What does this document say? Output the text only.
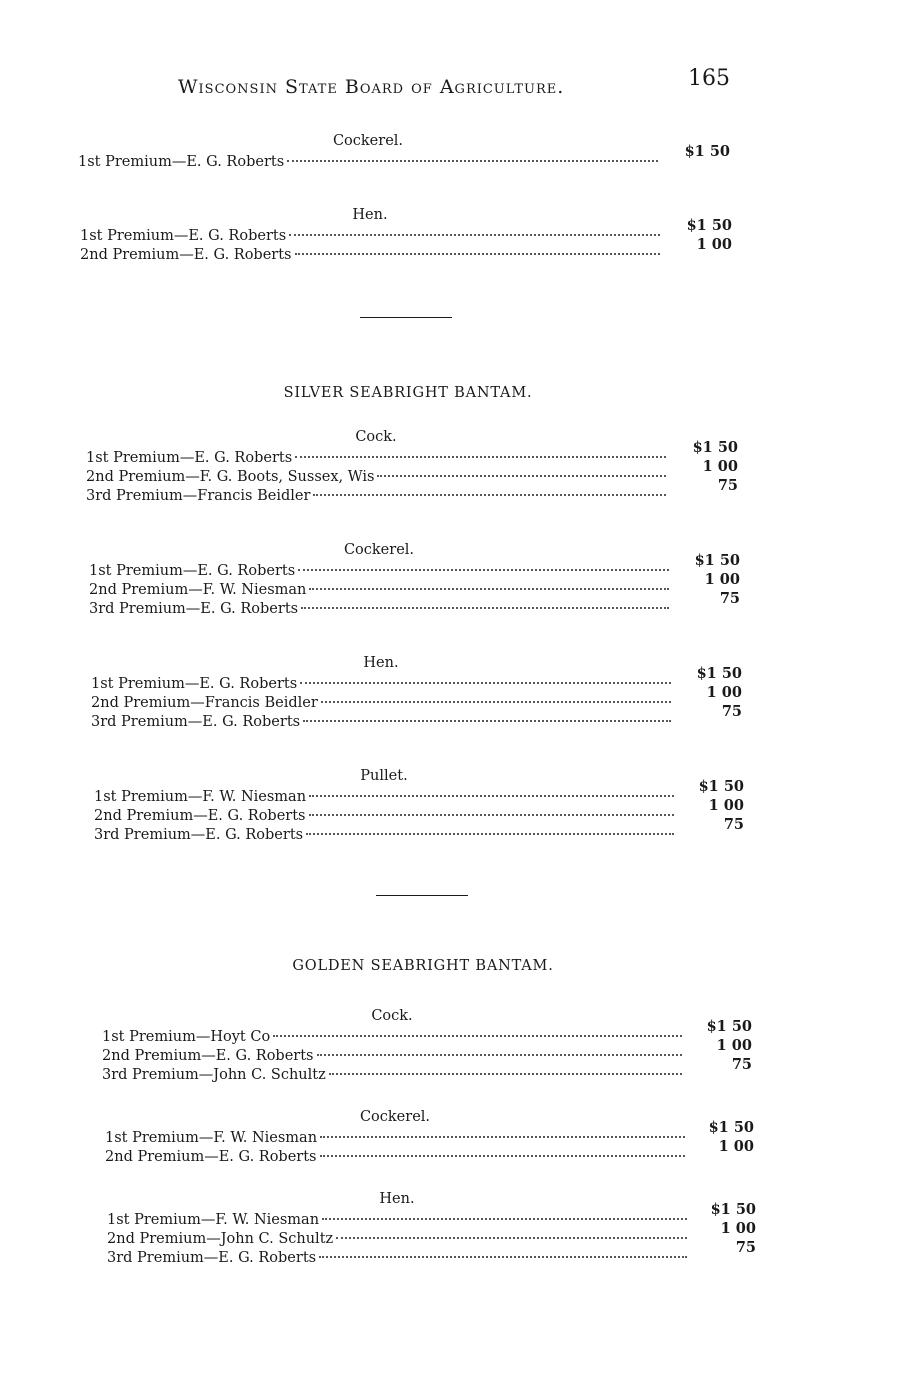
Wisconsin State Board of Agriculture.	165
SILVER SEABRIGHT BANTAM.
GOLDEN SEABRIGHT BANTAM.
Cockerel.
1st Premium—E. G. Roberts
$1 50
Hen.
1st Premium—E. G. Roberts
$1 50
2nd Premium—E. G. Roberts
1 00
Cock.
1st Premium—E. G. Roberts
$1 50
2nd Premium—F. G. Boots, Sussex, Wis
1 00
3rd Premium—Francis Beidler
75
Cockerel.
1st Premium—E. G. Roberts
$1 50
2nd Premium—F. W. Niesman
1 00
3rd Premium—E. G. Roberts
75
Hen.
1st Premium—E. G. Roberts
$1 50
2nd Premium—Francis Beidler
1 00
3rd Premium—E. G. Roberts
75
Pullet.
1st Premium—F. W. Niesman
$1 50
2nd Premium—E. G. Roberts
1 00
3rd Premium—E. G. Roberts
75
Cock.
1st Premium—Hoyt Co
$1 50
2nd Premium—E. G. Roberts
1 00
3rd Premium—John C. Schultz
75
Cockerel.
1st Premium—F. W. Niesman
$1 50
2nd Premium—E. G. Roberts
1 00
Hen.
1st Premium—F. W. Niesman
$1 50
2nd Premium—John C. Schultz
1 00
3rd Premium—E. G. Roberts
75
